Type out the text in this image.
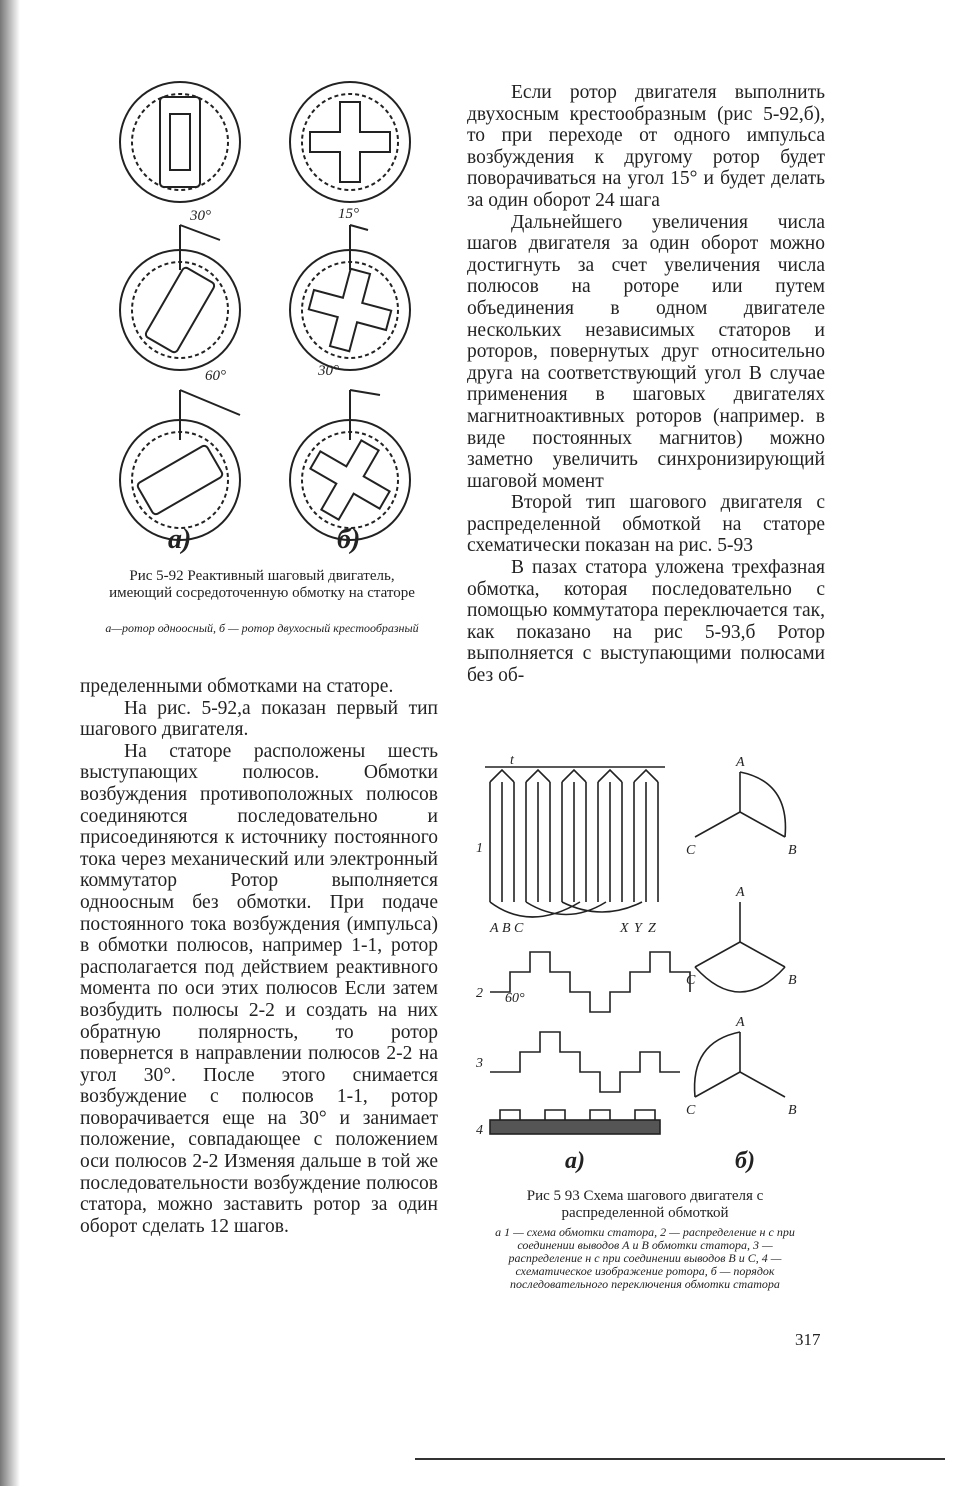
30°
60°
15°
30°
а)	б)
Рис 5-92 Реактивный шаговый двигатель, имеющий сосредоточенную обмотку на статоре
а—ротор одноосный, б — ротор двухосный крестообразный

пределенными обмотками на статоре.

На рис. 5-92,а показан первый тип шагового двигателя.

На статоре расположены шесть выступающих полюсов. Обмотки возбуждения противоположных полюсов соединяются последовательно и присоединяются к источнику постоянного тока через механический или электронный коммутатор Ротор выполняется одноосным без обмотки. При подаче постоянного тока возбуждения (импульса) в обмотки полюсов, например 1-1, ротор располагается под действием реактивного момента по оси этих полюсов Если затем возбудить полюсы 2-2 и создать на них обратную полярность, то ротор повернется в направлении полюсов 2-2 на угол 30°. После этого снимается возбуждение с полюсов 1-1, ротор поворачивается еще на 30° и занимает положение, совпадающее с положением оси полюсов 2-2 Изменяя дальше в той же последовательности возбуждение полюсов статора, можно заставить ротор за один оборот сделать 12 шагов.

Если ротор двигателя выполнить двухосным крестообразным (рис 5-92,б), то при переходе от одного импульса возбуждения к другому ротор будет поворачиваться на угол 15° и будет делать за один оборот 24 шага

Дальнейшего увеличения числа шагов двигателя за один оборот можно достигнуть за счет увеличения числа полюсов на роторе или путем объединения в одном двигателе нескольких независимых статоров и роторов, повернутых друг относительно друга на соответствующий угол В случае применения в шаговых двигателях магнитноактивных роторов (например. в виде постоянных магнитов) можно заметно увеличить синхронизирующий шаговой момент

Второй тип шагового двигателя с распределенной обмоткой на статоре схематически показан на рис. 5-93

В пазах статора уложена трехфазная обмотка, которая последовательно с помощью коммутатора переключается так, как показано на рис 5-93,б Ротор выполняется с выступающими полюсами без об-

t
1
2
3
4
60°
A B C	X Y Z
A
B
C
A
B
C
A
B
C
а)	б)
Рис 5 93 Схема шагового двигателя с распределенной обмоткой
а 1 — схема обмотки статора, 2 — распределение н с при соединении выводов А и В обмотки статора, 3 — распределение н с при соединении выводов В и С, 4 — схематическое изображение ротора, б — порядок последовательного переключения обмотки статора
317
